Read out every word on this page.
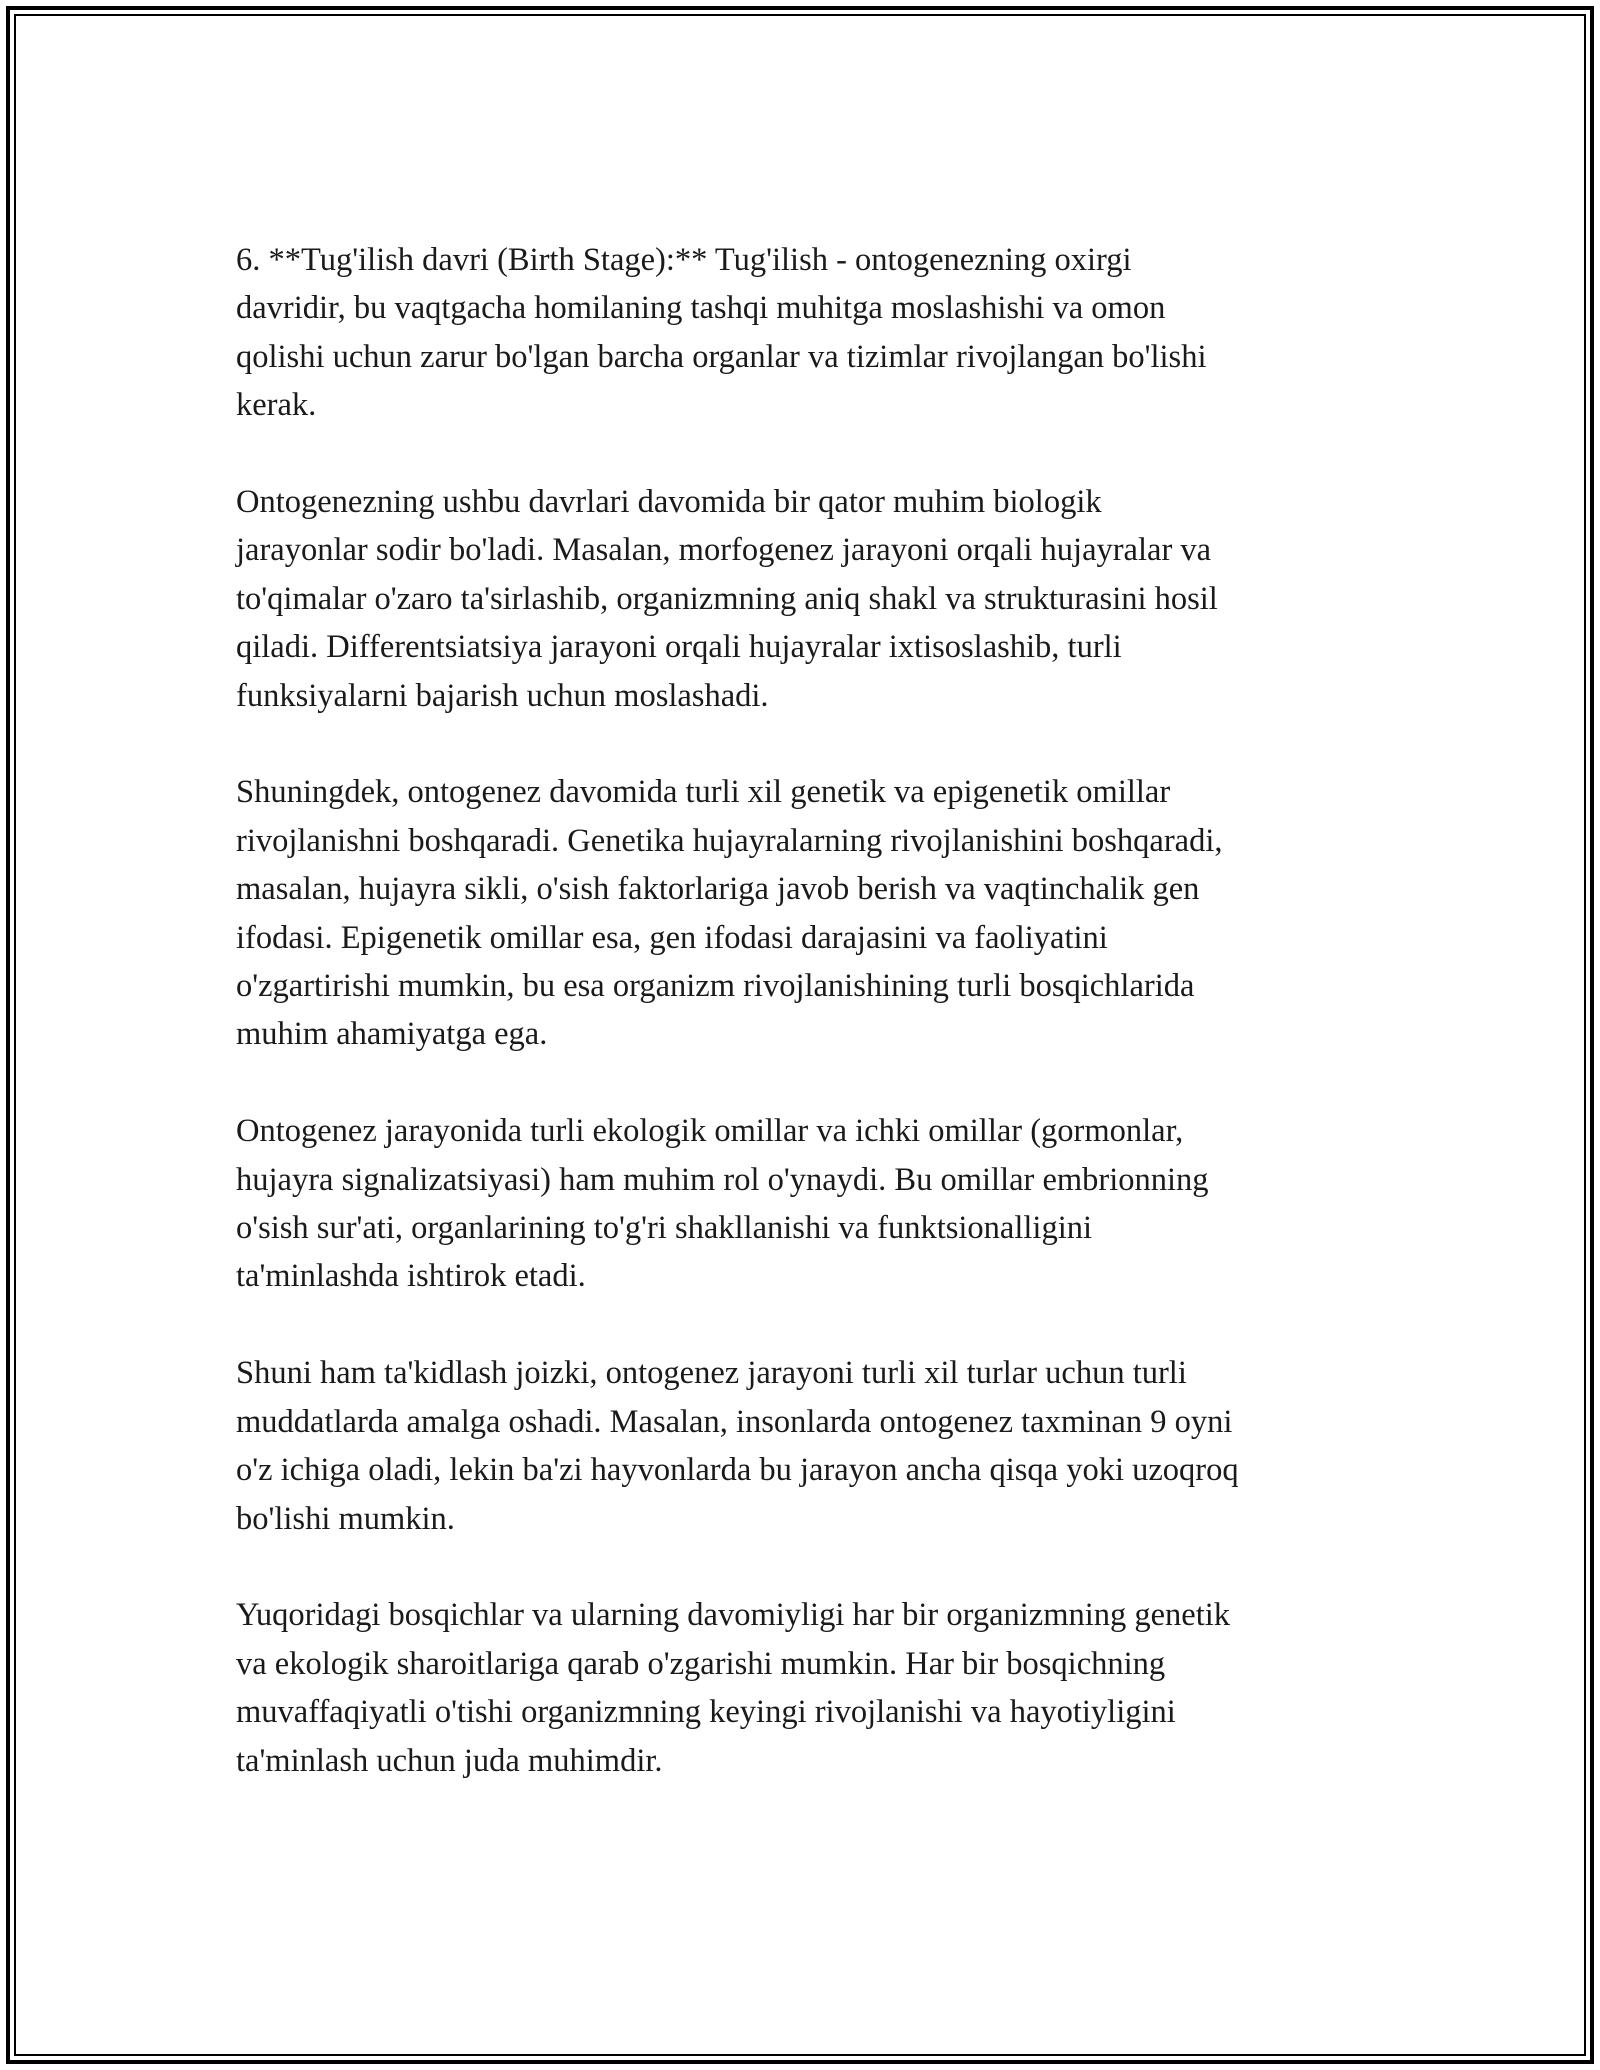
6. **Tug'ilish davri (Birth Stage):** Tug'ilish - ontogenezning oxirgi
davridir, bu vaqtgacha homilaning tashqi muhitga moslashishi va omon
qolishi uchun zarur bo'lgan barcha organlar va tizimlar rivojlangan bo'lishi
kerak.

Ontogenezning ushbu davrlari davomida bir qator muhim biologik
jarayonlar sodir bo'ladi. Masalan, morfogenez jarayoni orqali hujayralar va
to'qimalar o'zaro ta'sirlashib, organizmning aniq shakl va strukturasini hosil
qiladi. Differentsiatsiya jarayoni orqali hujayralar ixtisoslashib, turli
funksiyalarni bajarish uchun moslashadi.

Shuningdek, ontogenez davomida turli xil genetik va epigenetik omillar
rivojlanishni boshqaradi. Genetika hujayralarning rivojlanishini boshqaradi,
masalan, hujayra sikli, o'sish faktorlariga javob berish va vaqtinchalik gen
ifodasi. Epigenetik omillar esa, gen ifodasi darajasini va faoliyatini
o'zgartirishi mumkin, bu esa organizm rivojlanishining turli bosqichlarida
muhim ahamiyatga ega.

Ontogenez jarayonida turli ekologik omillar va ichki omillar (gormonlar,
hujayra signalizatsiyasi) ham muhim rol o'ynaydi. Bu omillar embrionning
o'sish sur'ati, organlarining to'g'ri shakllanishi va funktsionalligini
ta'minlashda ishtirok etadi.

Shuni ham ta'kidlash joizki, ontogenez jarayoni turli xil turlar uchun turli
muddatlarda amalga oshadi. Masalan, insonlarda ontogenez taxminan 9 oyni
o'z ichiga oladi, lekin ba'zi hayvonlarda bu jarayon ancha qisqa yoki uzoqroq
bo'lishi mumkin.

Yuqoridagi bosqichlar va ularning davomiyligi har bir organizmning genetik
va ekologik sharoitlariga qarab o'zgarishi mumkin. Har bir bosqichning
muvaffaqiyatli o'tishi organizmning keyingi rivojlanishi va hayotiyligini
ta'minlash uchun juda muhimdir.
